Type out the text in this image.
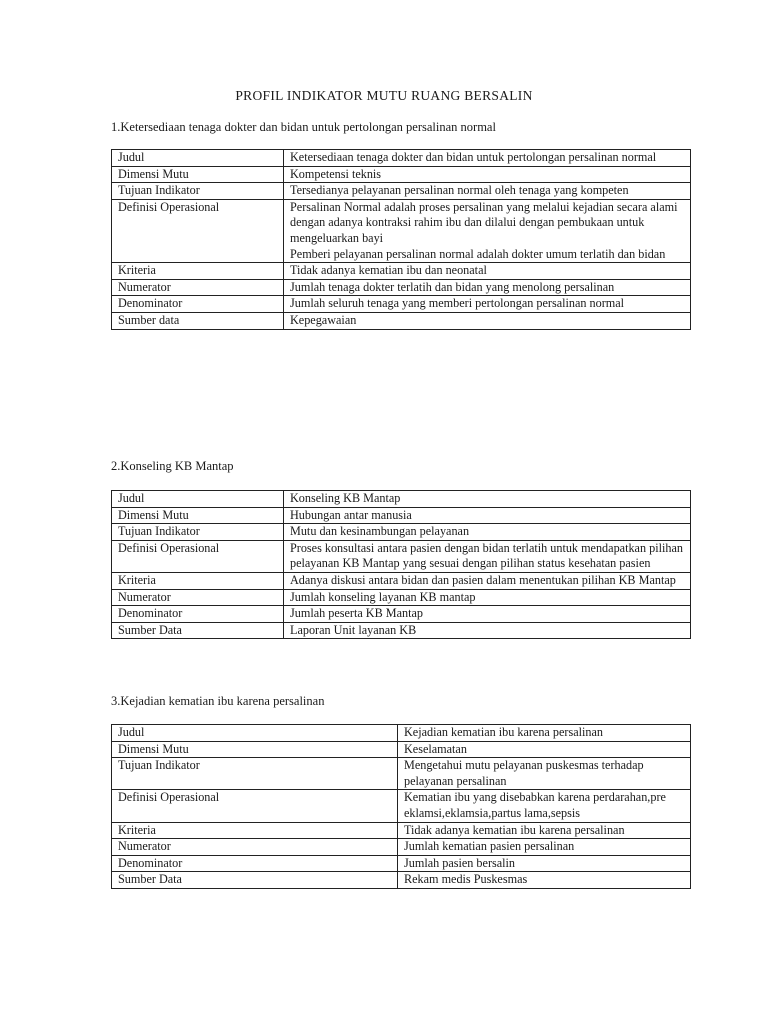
PROFIL INDIKATOR MUTU RUANG BERSALIN
1.Ketersediaan tenaga dokter dan bidan untuk pertolongan persalinan normal
Judul	Ketersediaan tenaga dokter dan bidan untuk pertolongan persalinan normal
Dimensi Mutu	Kompetensi teknis
Tujuan Indikator	Tersedianya pelayanan persalinan normal oleh tenaga yang kompeten
Definisi Operasional	Persalinan Normal adalah proses persalinan yang melalui kejadian secara alami dengan adanya kontraksi rahim ibu dan dilalui dengan pembukaan untuk mengeluarkan bayi
Pemberi pelayanan persalinan normal adalah dokter umum terlatih dan bidan
Kriteria	Tidak adanya kematian ibu dan neonatal
Numerator	Jumlah tenaga dokter terlatih dan bidan yang menolong persalinan
Denominator	Jumlah seluruh tenaga yang memberi pertolongan persalinan normal
Sumber data	Kepegawaian
2.Konseling KB Mantap
Judul	Konseling KB Mantap
Dimensi Mutu	Hubungan antar manusia
Tujuan Indikator	Mutu dan kesinambungan pelayanan
Definisi Operasional	Proses konsultasi antara pasien dengan bidan terlatih untuk mendapatkan pilihan pelayanan KB Mantap yang sesuai dengan pilihan status kesehatan pasien
Kriteria	Adanya diskusi antara bidan dan pasien dalam menentukan pilihan KB Mantap
Numerator	Jumlah konseling layanan KB mantap
Denominator	Jumlah peserta KB Mantap
Sumber Data	Laporan Unit layanan KB
3.Kejadian kematian ibu karena persalinan
Judul	Kejadian kematian ibu karena persalinan
Dimensi Mutu	Keselamatan
Tujuan Indikator	Mengetahui mutu pelayanan puskesmas terhadap pelayanan persalinan
Definisi Operasional	Kematian ibu yang disebabkan karena perdarahan,pre eklamsi,eklamsia,partus lama,sepsis
Kriteria	Tidak adanya kematian ibu karena persalinan
Numerator	Jumlah kematian pasien persalinan
Denominator	Jumlah pasien bersalin
Sumber Data	Rekam medis Puskesmas
